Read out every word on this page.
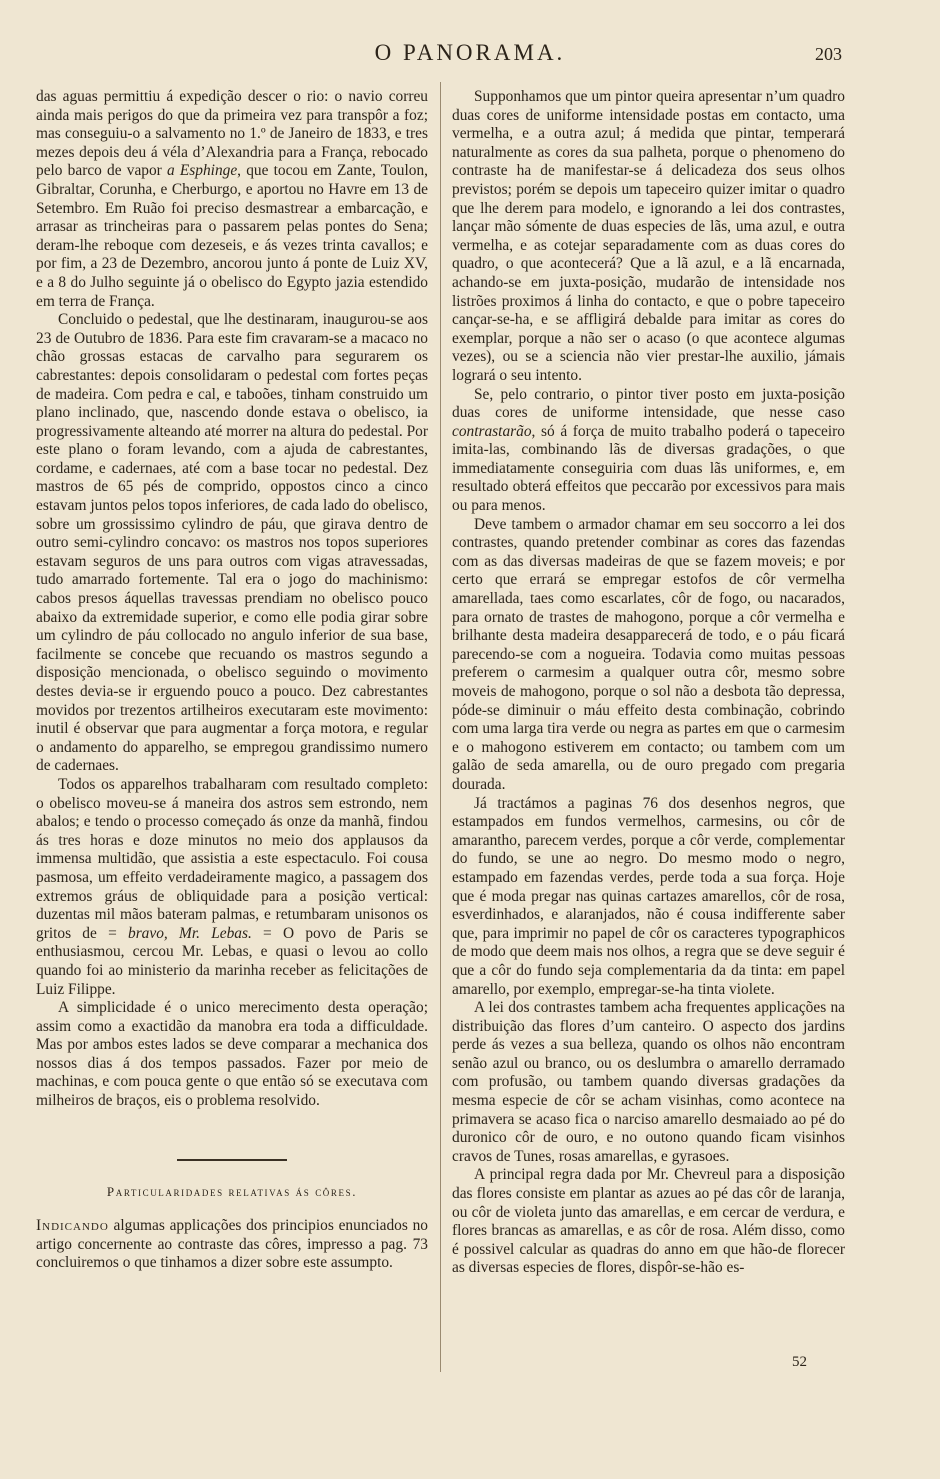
O PANORAMA.	203

das aguas permittiu á expedição descer o rio: o navio correu ainda mais perigos do que da primeira vez para transpôr a foz; mas conseguiu-o a salvamento no 1.º de Janeiro de 1833, e tres mezes depois deu á véla d’Alexandria para a França, rebocado pelo barco de vapor a Esphinge, que tocou em Zante, Toulon, Gibraltar, Corunha, e Cherburgo, e aportou no Havre em 13 de Setembro. Em Ruão foi preciso desmastrear a embarcação, e arrasar as trincheiras para o passarem pelas pontes do Sena; deram-lhe reboque com dezeseis, e ás vezes trinta cavallos; e por fim, a 23 de Dezembro, ancorou junto á ponte de Luiz XV, e a 8 do Julho seguinte já o obelisco do Egypto jazia estendido em terra de França.

Concluido o pedestal, que lhe destinaram, inaugurou-se aos 23 de Outubro de 1836. Para este fim cravaram-se a macaco no chão grossas estacas de carvalho para segurarem os cabrestantes: depois consolidaram o pedestal com fortes peças de madeira. Com pedra e cal, e taboões, tinham construido um plano inclinado, que, nascendo donde estava o obelisco, ia progressivamente alteando até morrer na altura do pedestal. Por este plano o foram levando, com a ajuda de cabrestantes, cordame, e cadernaes, até com a base tocar no pedestal. Dez mastros de 65 pés de comprido, oppostos cinco a cinco estavam juntos pelos topos inferiores, de cada lado do obelisco, sobre um grossissimo cylindro de páu, que girava dentro de outro semi-cylindro concavo: os mastros nos topos superiores estavam seguros de uns para outros com vigas atravessadas, tudo amarrado fortemente. Tal era o jogo do machinismo: cabos presos áquellas travessas prendiam no obelisco pouco abaixo da extremidade superior, e como elle podia girar sobre um cylindro de páu collocado no angulo inferior de sua base, facilmente se concebe que recuando os mastros segundo a disposição mencionada, o obelisco seguindo o movimento destes devia-se ir erguendo pouco a pouco. Dez cabrestantes movidos por trezentos artilheiros executaram este movimento: inutil é observar que para augmentar a força motora, e regular o andamento do apparelho, se empregou grandissimo numero de cadernaes.

Todos os apparelhos trabalharam com resultado completo: o obelisco moveu-se á maneira dos astros sem estrondo, nem abalos; e tendo o processo começado ás onze da manhã, findou ás tres horas e doze minutos no meio dos applausos da immensa multidão, que assistia a este espectaculo. Foi cousa pasmosa, um effeito verdadeiramente magico, a passagem dos extremos gráus de obliquidade para a posição vertical: duzentas mil mãos bateram palmas, e retumbaram unisonos os gritos de = bravo, Mr. Lebas. = O povo de Paris se enthusiasmou, cercou Mr. Lebas, e quasi o levou ao collo quando foi ao ministerio da marinha receber as felicitações de Luiz Filippe.

A simplicidade é o unico merecimento desta operação; assim como a exactidão da manobra era toda a difficuldade. Mas por ambos estes lados se deve comparar a mechanica dos nossos dias á dos tempos passados. Fazer por meio de machinas, e com pouca gente o que então só se executava com milheiros de braços, eis o problema resolvido.

Particularidades relativas ás côres.

Indicando algumas applicações dos principios enunciados no artigo concernente ao contraste das côres, impresso a pag. 73 concluiremos o que tinhamos a dizer sobre este assumpto.

Supponhamos que um pintor queira apresentar n’um quadro duas cores de uniforme intensidade postas em contacto, uma vermelha, e a outra azul; á medida que pintar, temperará naturalmente as cores da sua palheta, porque o phenomeno do contraste ha de manifestar-se á delicadeza dos seus olhos previstos; porém se depois um tapeceiro quizer imitar o quadro que lhe derem para modelo, e ignorando a lei dos contrastes, lançar mão sómente de duas especies de lãs, uma azul, e outra vermelha, e as cotejar separadamente com as duas cores do quadro, o que acontecerá? Que a lã azul, e a lã encarnada, achando-se em juxta-posição, mudarão de intensidade nos listrões proximos á linha do contacto, e que o pobre tapeceiro cançar-se-ha, e se affligirá debalde para imitar as cores do exemplar, porque a não ser o acaso (o que acontece algumas vezes), ou se a sciencia não vier prestar-lhe auxilio, jámais logrará o seu intento.

Se, pelo contrario, o pintor tiver posto em juxta-posição duas cores de uniforme intensidade, que nesse caso contrastarão, só á força de muito trabalho poderá o tapeceiro imita-las, combinando lãs de diversas gradações, o que immediatamente conseguiria com duas lãs uniformes, e, em resultado obterá effeitos que peccarão por excessivos para mais ou para menos.

Deve tambem o armador chamar em seu soccorro a lei dos contrastes, quando pretender combinar as cores das fazendas com as das diversas madeiras de que se fazem moveis; e por certo que errará se empregar estofos de côr vermelha amarellada, taes como escarlates, côr de fogo, ou nacarados, para ornato de trastes de mahogono, porque a côr vermelha e brilhante desta madeira desapparecerá de todo, e o páu ficará parecendo-se com a nogueira. Todavia como muitas pessoas preferem o carmesim a qualquer outra côr, mesmo sobre moveis de mahogono, porque o sol não a desbota tão depressa, póde-se diminuir o máu effeito desta combinação, cobrindo com uma larga tira verde ou negra as partes em que o carmesim e o mahogono estiverem em contacto; ou tambem com um galão de seda amarella, ou de ouro pregado com pregaria dourada.

Já tractámos a paginas 76 dos desenhos negros, que estampados em fundos vermelhos, carmesins, ou côr de amarantho, parecem verdes, porque a côr verde, complementar do fundo, se une ao negro. Do mesmo modo o negro, estampado em fazendas verdes, perde toda a sua força. Hoje que é moda pregar nas quinas cartazes amarellos, côr de rosa, esverdinhados, e alaranjados, não é cousa indifferente saber que, para imprimir no papel de côr os caracteres typographicos de modo que deem mais nos olhos, a regra que se deve seguir é que a côr do fundo seja complementaria da da tinta: em papel amarello, por exemplo, empregar-se-ha tinta violete.

A lei dos contrastes tambem acha frequentes applicações na distribuição das flores d’um canteiro. O aspecto dos jardins perde ás vezes a sua belleza, quando os olhos não encontram senão azul ou branco, ou os deslumbra o amarello derramado com profusão, ou tambem quando diversas gradações da mesma especie de côr se acham visinhas, como acontece na primavera se acaso fica o narciso amarello desmaiado ao pé do duronico côr de ouro, e no outono quando ficam visinhos cravos de Tunes, rosas amarellas, e gyrasoes.

A principal regra dada por Mr. Chevreul para a disposição das flores consiste em plantar as azues ao pé das côr de laranja, ou côr de violeta junto das amarellas, e em cercar de verdura, e flores brancas as amarellas, e as côr de rosa. Além disso, como é possivel calcular as quadras do anno em que hão-de florecer as diversas especies de flores, dispôr-se-hão es-

52
